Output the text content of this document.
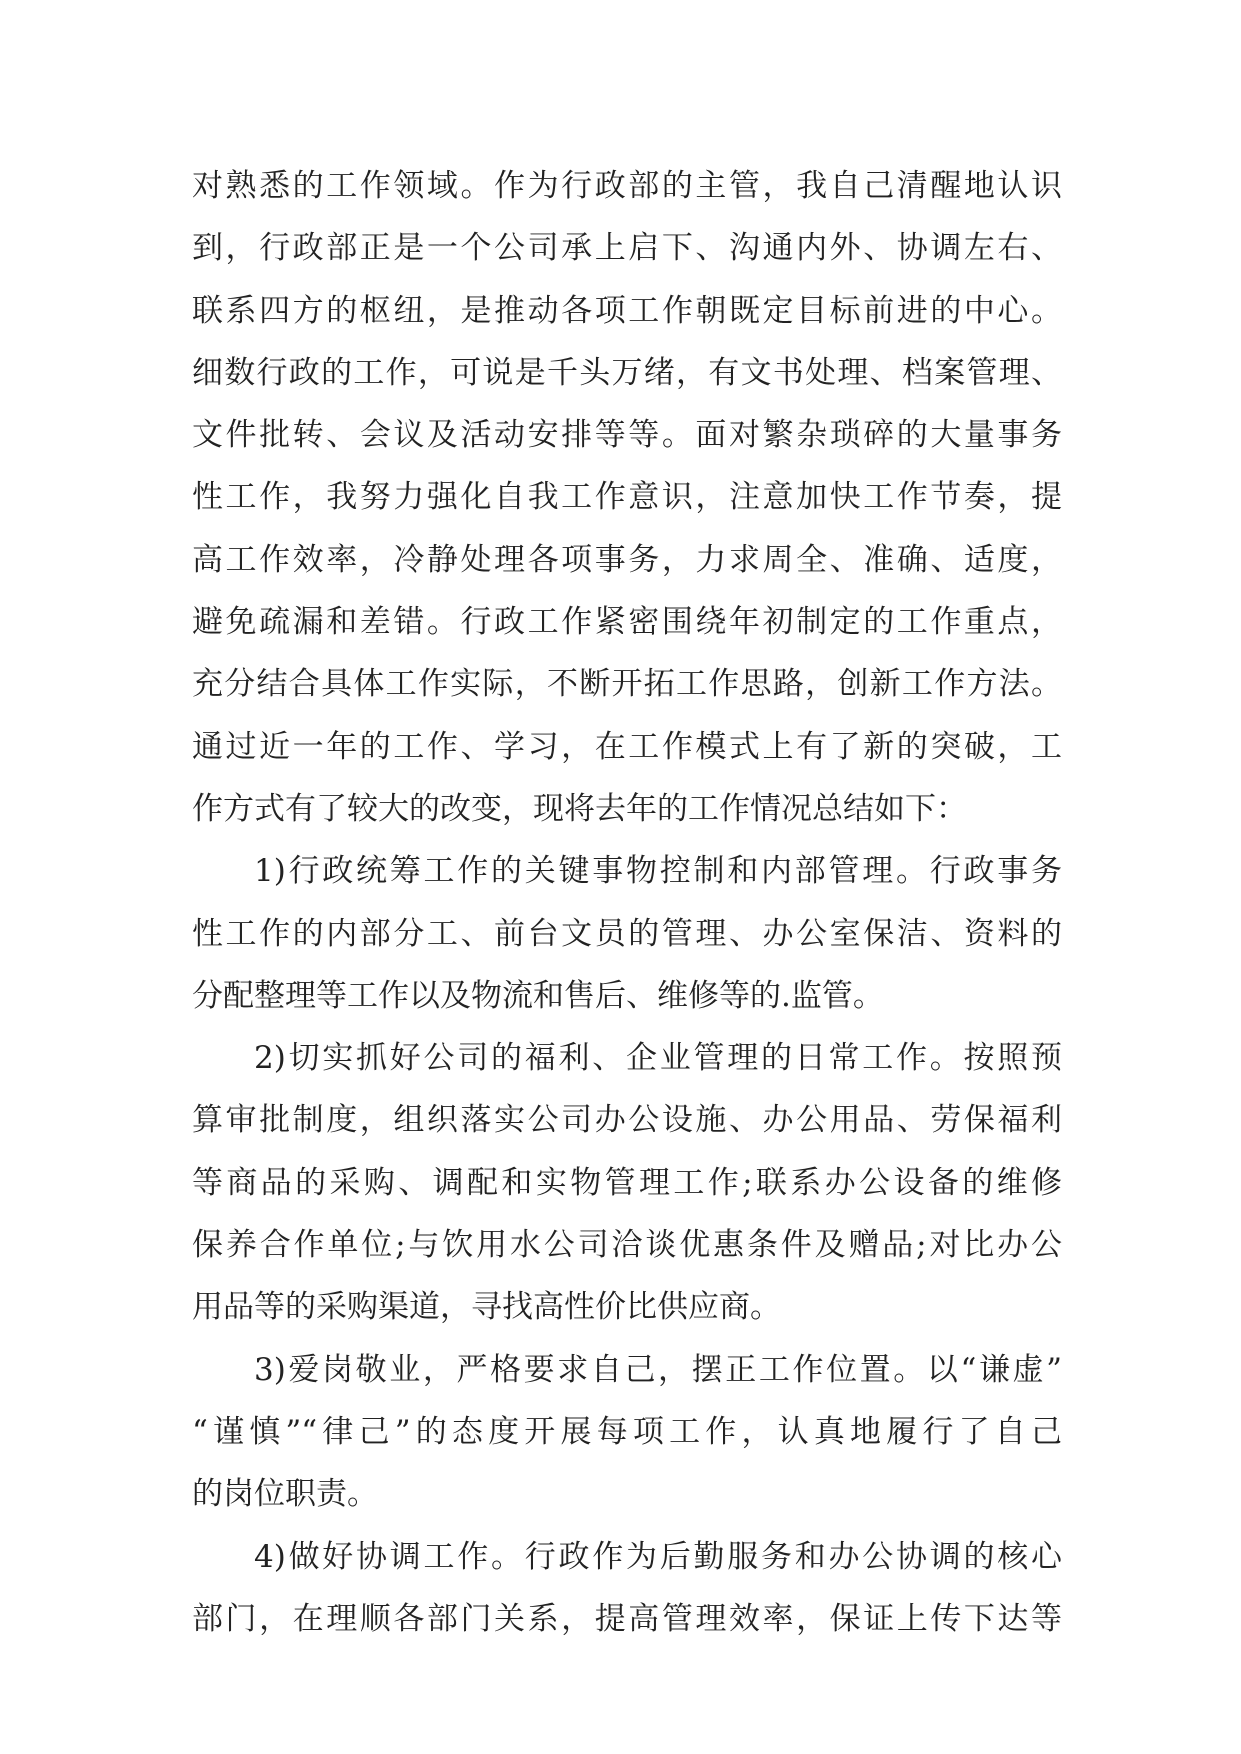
对熟悉的工作领域。作为行政部的主管，我自己清醒地认识
到，行政部正是一个公司承上启下、沟通内外、协调左右、
联系四方的枢纽，是推动各项工作朝既定目标前进的中心。
细数行政的工作，可说是千头万绪，有文书处理、档案管理、
文件批转、会议及活动安排等等。面对繁杂琐碎的大量事务
性工作，我努力强化自我工作意识，注意加快工作节奏，提
高工作效率，冷静处理各项事务，力求周全、准确、适度，
避免疏漏和差错。行政工作紧密围绕年初制定的工作重点，
充分结合具体工作实际，不断开拓工作思路，创新工作方法。
通过近一年的工作、学习，在工作模式上有了新的突破，工
作方式有了较大的改变，现将去年的工作情况总结如下：
1)行政统筹工作的关键事物控制和内部管理。行政事务
性工作的内部分工、前台文员的管理、办公室保洁、资料的
分配整理等工作以及物流和售后、维修等的.监管。
2)切实抓好公司的福利、企业管理的日常工作。按照预
算审批制度，组织落实公司办公设施、办公用品、劳保福利
等商品的采购、调配和实物管理工作;联系办公设备的维修
保养合作单位;与饮用水公司洽谈优惠条件及赠品;对比办公
用品等的采购渠道，寻找高性价比供应商。
3)爱岗敬业，严格要求自己，摆正工作位置。以“谦虚”
“谨慎”“律己”的态度开展每项工作，认真地履行了自己
的岗位职责。
4)做好协调工作。行政作为后勤服务和办公协调的核心
部门，在理顺各部门关系，提高管理效率，保证上传下达等
